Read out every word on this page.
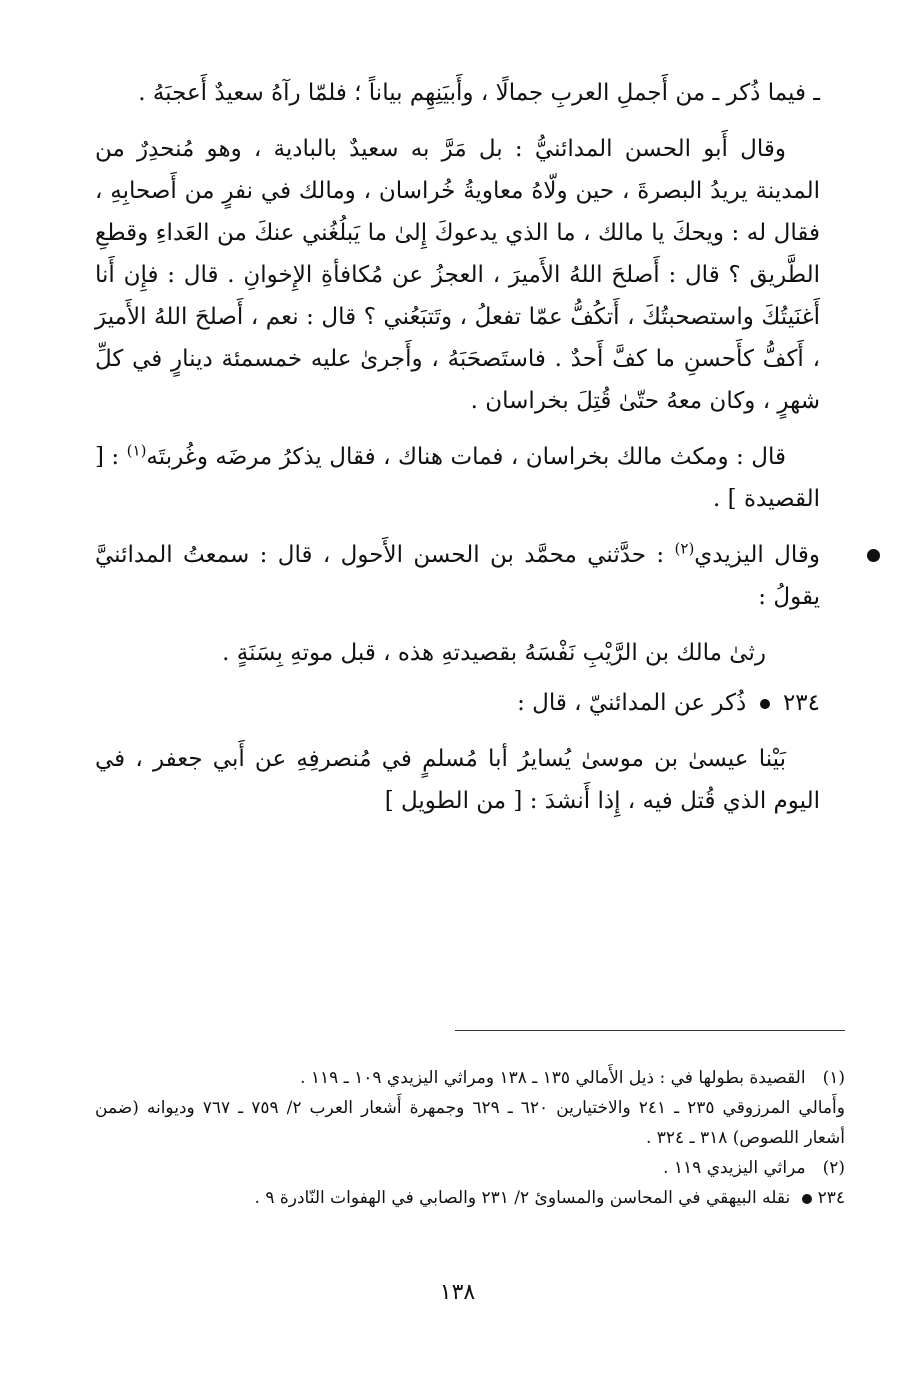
ـ فيما ذُكر ـ من أَجملِ العربِ جمالًا ، وأَبيَنِهِم بياناً ؛ فلمّا رآهُ سعيدٌ أَعجبَهُ .

وقال أَبو الحسن المدائنيُّ : بل مَرَّ به سعيدٌ بالبادية ، وهو مُنحدِرٌ من المدينة يريدُ البصرةَ ، حين ولّاهُ معاويةُ خُراسان ، ومالك في نفرٍ من أَصحابِهِ ، فقال له : ويحكَ يا مالك ، ما الذي يدعوكَ إِلىٰ ما يَبلُغُني عنكَ من العَداءِ وقطعِ الطَّريق ؟ قال : أَصلحَ اللهُ الأَميرَ ، العجزُ عن مُكافأةِ الإِخوانِ . قال : فإِن أَنا أَغنَيتُكَ واستصحبتُكَ ، أَتكُفُّ عمّا تفعلُ ، وتَتبَعُني ؟ قال : نعم ، أَصلحَ اللهُ الأَميرَ ، أَكفُّ كأَحسنِ ما كفَّ أَحدٌ . فاستَصحَبَهُ ، وأَجرىٰ عليه خمسمئة دينارٍ في كلِّ شهرٍ ، وكان معهُ حتّىٰ قُتِلَ بخراسان .

قال : ومكث مالك بخراسان ، فمات هناك ، فقال يذكرُ مرضَه وغُربتَه$^{(١)}$ : [ القصيدة ] .

وقال اليزيدي$^{(٢)}$ : حدَّثني محمَّد بن الحسن الأَحول ، قال : سمعتُ المدائنيَّ يقولُ :

رثىٰ مالك بن الرَّيْبِ نَفْسَهُ بقصيدتهِ هذه ، قبل موتهِ بِسَنَةٍ .

٢٣٤  ذُكر عن المدائنيّ ، قال :

بَيْنا عيسىٰ بن موسىٰ يُسايرُ أبا مُسلمٍ في مُنصرفِهِ عن أَبي جعفر ، في اليوم الذي قُتل فيه ، إِذا أَنشدَ : [ من الطويل ]

(١) القصيدة بطولها في : ذيل الأَمالي ١٣٥ ـ ١٣٨ ومراثي اليزيدي ١٠٩ ـ ١١٩ .

وأَمالي المرزوقي ٢٣٥ ـ ٢٤١ والاختيارين ٦٢٠ ـ ٦٢٩ وجمهرة أَشعار العرب ٢/ ٧٥٩ ـ ٧٦٧ وديوانه (ضمن أشعار اللصوص) ٣١٨ ـ ٣٢٤ .

(٢) مراثي اليزيدي ١١٩ .

٢٣٤ نقله البيهقي في المحاسن والمساوئ ٢/ ٢٣١ والصابي في الهفوات النّادرة ٩ .

١٣٨
